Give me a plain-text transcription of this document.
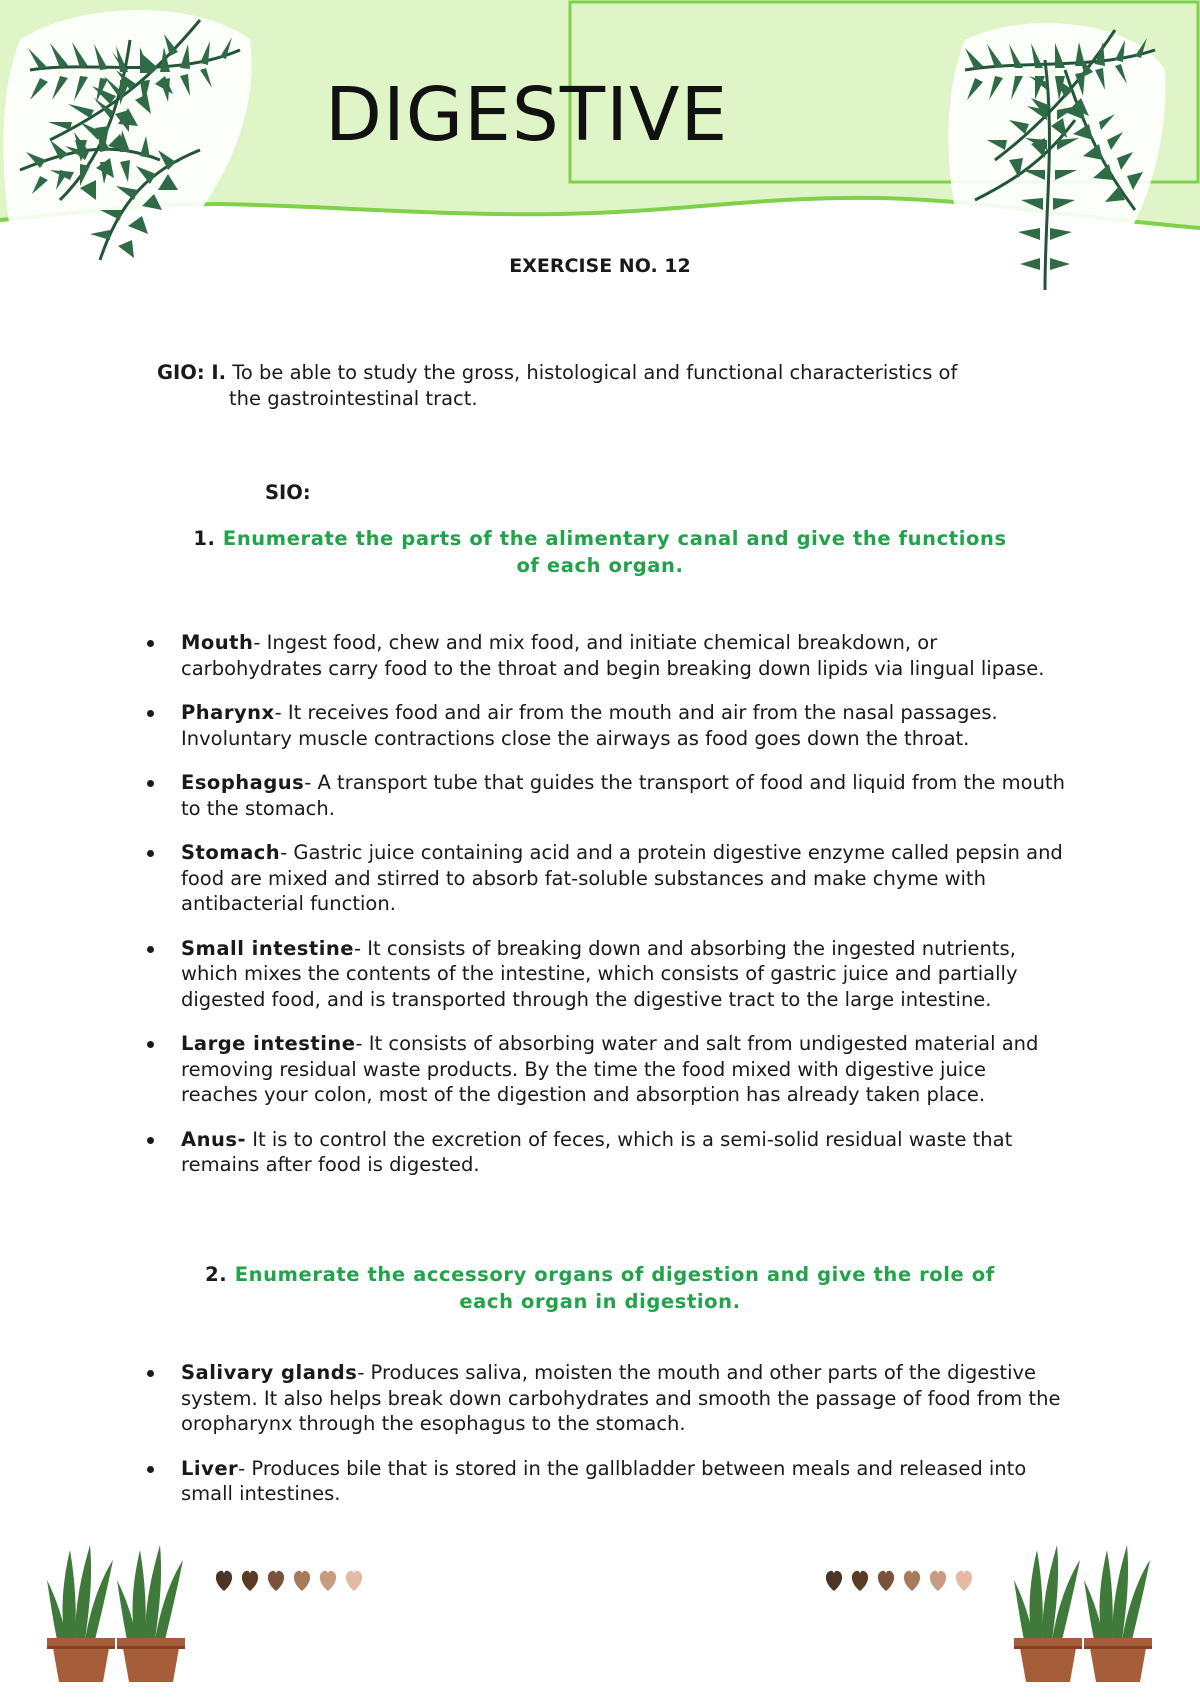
DIGESTIVE
EXERCISE NO. 12
GIO: I. To be able to study the gross, histological and functional characteristics of
the gastrointestinal tract.
SIO:
1. Enumerate the parts of the alimentary canal and give the functions
of each organ.
Mouth- Ingest food, chew and mix food, and initiate chemical breakdown, or carbohydrates carry food to the throat and begin breaking down lipids via lingual lipase.
Pharynx- It receives food and air from the mouth and air from the nasal passages. Involuntary muscle contractions close the airways as food goes down the throat.
Esophagus- A transport tube that guides the transport of food and liquid from the mouth to the stomach.
Stomach- Gastric juice containing acid and a protein digestive enzyme called pepsin and food are mixed and stirred to absorb fat-soluble substances and make chyme with antibacterial function.
Small intestine- It consists of breaking down and absorbing the ingested nutrients, which mixes the contents of the intestine, which consists of gastric juice and partially digested food, and is transported through the digestive tract to the large intestine.
Large intestine- It consists of absorbing water and salt from undigested material and removing residual waste products. By the time the food mixed with digestive juice reaches your colon, most of the digestion and absorption has already taken place.
Anus- It is to control the excretion of feces, which is a semi-solid residual waste that remains after food is digested.
2. Enumerate the accessory organs of digestion and give the role of
each organ in digestion.
Salivary glands- Produces saliva, moisten the mouth and other parts of the digestive system. It also helps break down carbohydrates and smooth the passage of food from the oropharynx through the esophagus to the stomach.
Liver- Produces bile that is stored in the gallbladder between meals and released into small intestines.
